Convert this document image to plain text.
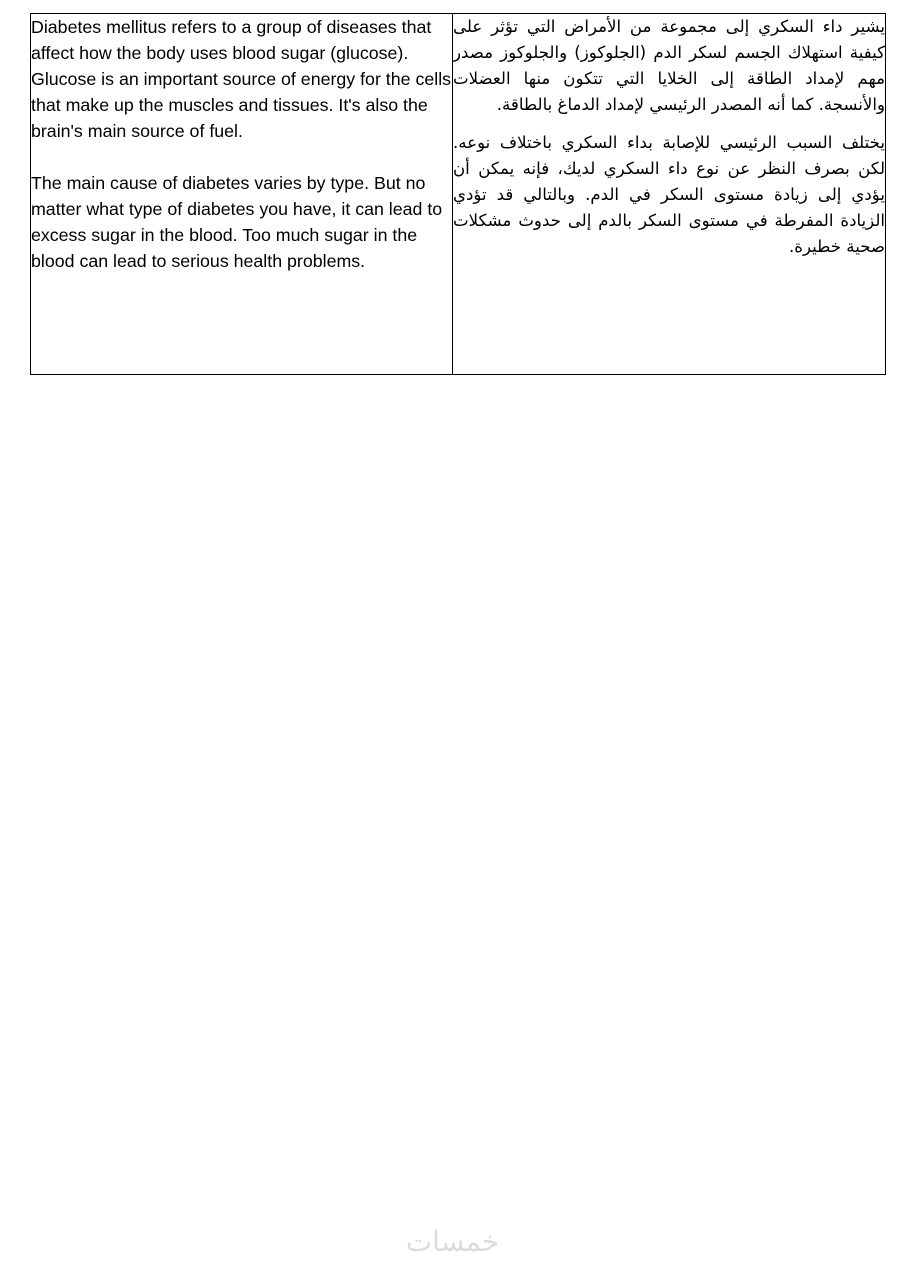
Diabetes mellitus refers to a group of diseases that affect how the body uses blood sugar (glucose). Glucose is an important source of energy for the cells that make up the muscles and tissues. It's also the brain's main source of fuel.

The main cause of diabetes varies by type. But no matter what type of diabetes you have, it can lead to excess sugar in the blood. Too much sugar in the blood can lead to serious health problems.

يشير داء السكري إلى مجموعة من الأمراض التي تؤثر على كيفية استهلاك الجسم لسكر الدم (الجلوكوز) والجلوكوز مصدر مهم لإمداد الطاقة إلى الخلايا التي تتكون منها العضلات والأنسجة. كما أنه المصدر الرئيسي لإمداد الدماغ بالطاقة.

يختلف السبب الرئيسي للإصابة بداء السكري باختلاف نوعه. لكن بصرف النظر عن نوع داء السكري لديك، فإنه يمكن أن يؤدي إلى زيادة مستوى السكر في الدم. وبالتالي قد تؤدي الزيادة المفرطة في مستوى السكر بالدم إلى حدوث مشكلات صحية خطيرة.

خمسات
